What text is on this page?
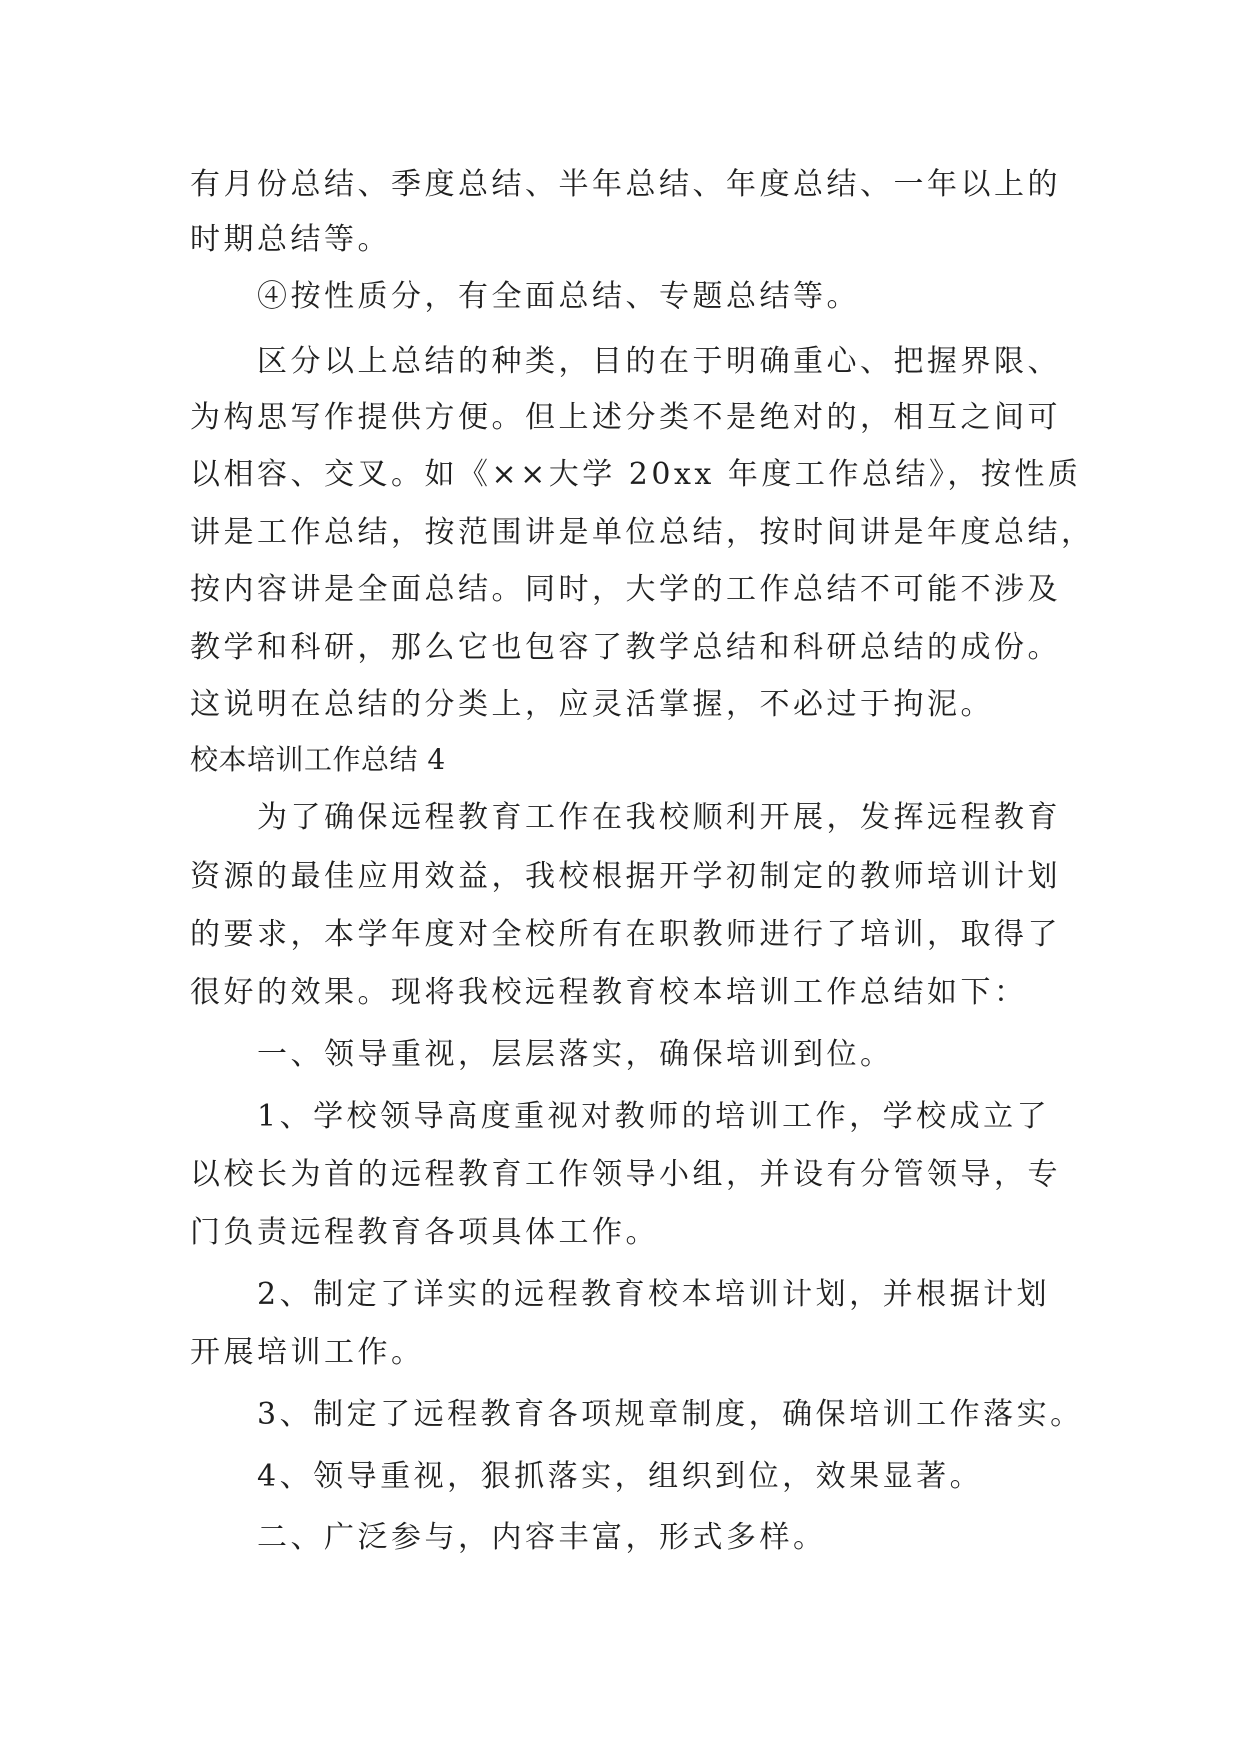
有月份总结、季度总结、半年总结、年度总结、一年以上的
时期总结等。
④按性质分，有全面总结、专题总结等。
区分以上总结的种类，目的在于明确重心、把握界限、
为构思写作提供方便。但上述分类不是绝对的，相互之间可
以相容、交叉。如《××大学 20xx 年度工作总结》，按性质
讲是工作总结，按范围讲是单位总结，按时间讲是年度总结，
按内容讲是全面总结。同时，大学的工作总结不可能不涉及
教学和科研，那么它也包容了教学总结和科研总结的成份。
这说明在总结的分类上，应灵活掌握，不必过于拘泥。
校本培训工作总结 4
为了确保远程教育工作在我校顺利开展，发挥远程教育
资源的最佳应用效益，我校根据开学初制定的教师培训计划
的要求，本学年度对全校所有在职教师进行了培训，取得了
很好的效果。现将我校远程教育校本培训工作总结如下：
一、领导重视，层层落实，确保培训到位。
1、学校领导高度重视对教师的培训工作，学校成立了
以校长为首的远程教育工作领导小组，并设有分管领导，专
门负责远程教育各项具体工作。
2、制定了详实的远程教育校本培训计划，并根据计划
开展培训工作。
3、制定了远程教育各项规章制度，确保培训工作落实。
4、领导重视，狠抓落实，组织到位，效果显著。
二、广泛参与，内容丰富，形式多样。
